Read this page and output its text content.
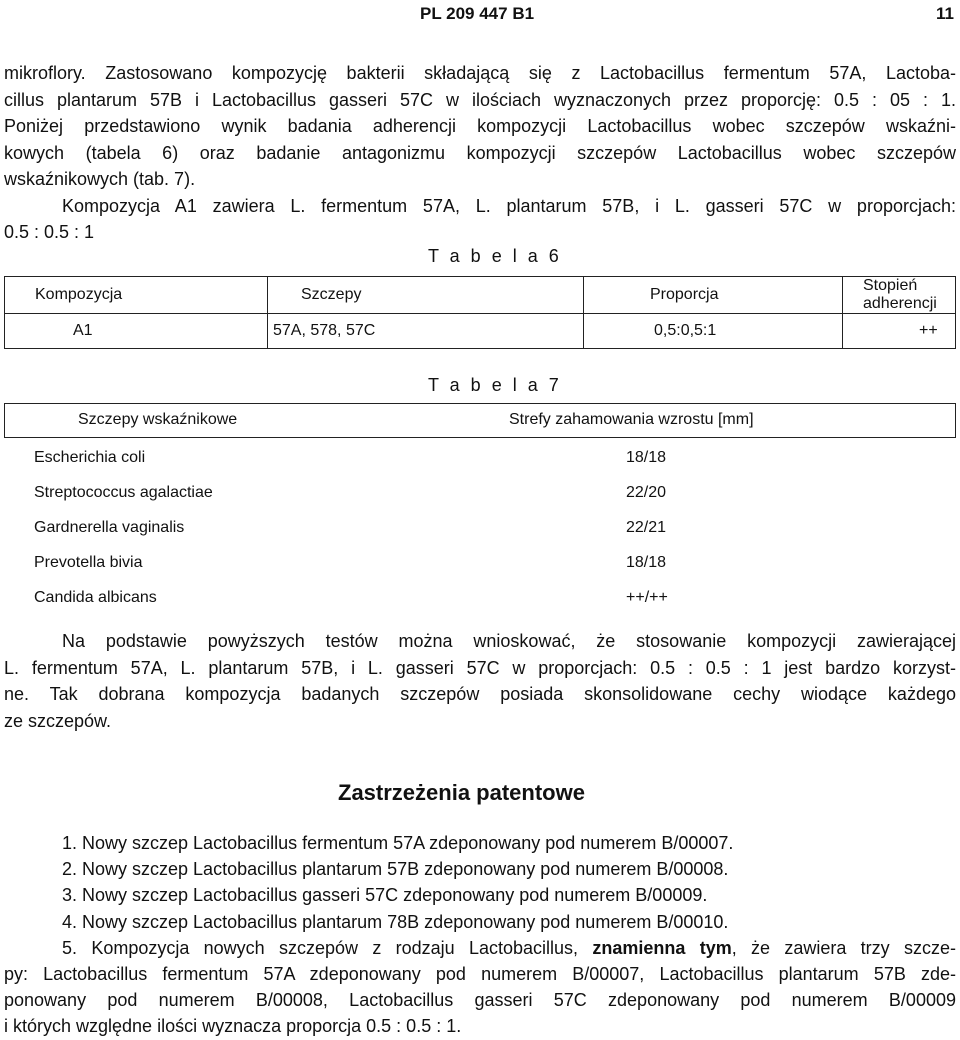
PL 209 447 B1	11
mikroflory. Zastosowano kompozycję bakterii składającą się z Lactobacillus fermentum 57A, Lactoba-
cillus plantarum 57B i Lactobacillus gasseri 57C w ilościach wyznaczonych przez proporcję: 0.5 : 05 : 1.
Poniżej przedstawiono wynik badania adherencji kompozycji Lactobacillus wobec szczepów wskaźni-
kowych (tabela 6) oraz badanie antagonizmu kompozycji szczepów Lactobacillus wobec szczepów
wskaźnikowych (tab. 7).
Kompozycja A1 zawiera L. fermentum 57A, L. plantarum 57B, i L. gasseri 57C w proporcjach:
0.5 : 0.5 : 1
T a b e l a 6
Kompozycja	Szczepy	Proporcja	Stopień adherencji
A1	57A, 578, 57C	0,5:0,5:1	++
T a b e l a 7
Szczepy wskaźnikowe	Strefy zahamowania wzrostu [mm]
Escherichia coli	18/18
Streptococcus agalactiae	22/20
Gardnerella vaginalis	22/21
Prevotella bivia	18/18
Candida albicans	++/++
Na podstawie powyższych testów można wnioskować, że stosowanie kompozycji zawierającej
L. fermentum 57A, L. plantarum 57B, i L. gasseri 57C w proporcjach: 0.5 : 0.5 : 1 jest bardzo korzyst-
ne. Tak dobrana kompozycja badanych szczepów posiada skonsolidowane cechy wiodące każdego
ze szczepów.
Zastrzeżenia patentowe
1. Nowy szczep Lactobacillus fermentum 57A zdeponowany pod numerem B/00007.
2. Nowy szczep Lactobacillus plantarum 57B zdeponowany pod numerem B/00008.
3. Nowy szczep Lactobacillus gasseri 57C zdeponowany pod numerem B/00009.
4. Nowy szczep Lactobacillus plantarum 78B zdeponowany pod numerem B/00010.
5. Kompozycja nowych szczepów z rodzaju Lactobacillus, znamienna tym, że zawiera trzy szcze-
py: Lactobacillus fermentum 57A zdeponowany pod numerem B/00007, Lactobacillus plantarum 57B zde-
ponowany pod numerem B/00008, Lactobacillus gasseri 57C zdeponowany pod numerem B/00009
i których względne ilości wyznacza proporcja 0.5 : 0.5 : 1.
